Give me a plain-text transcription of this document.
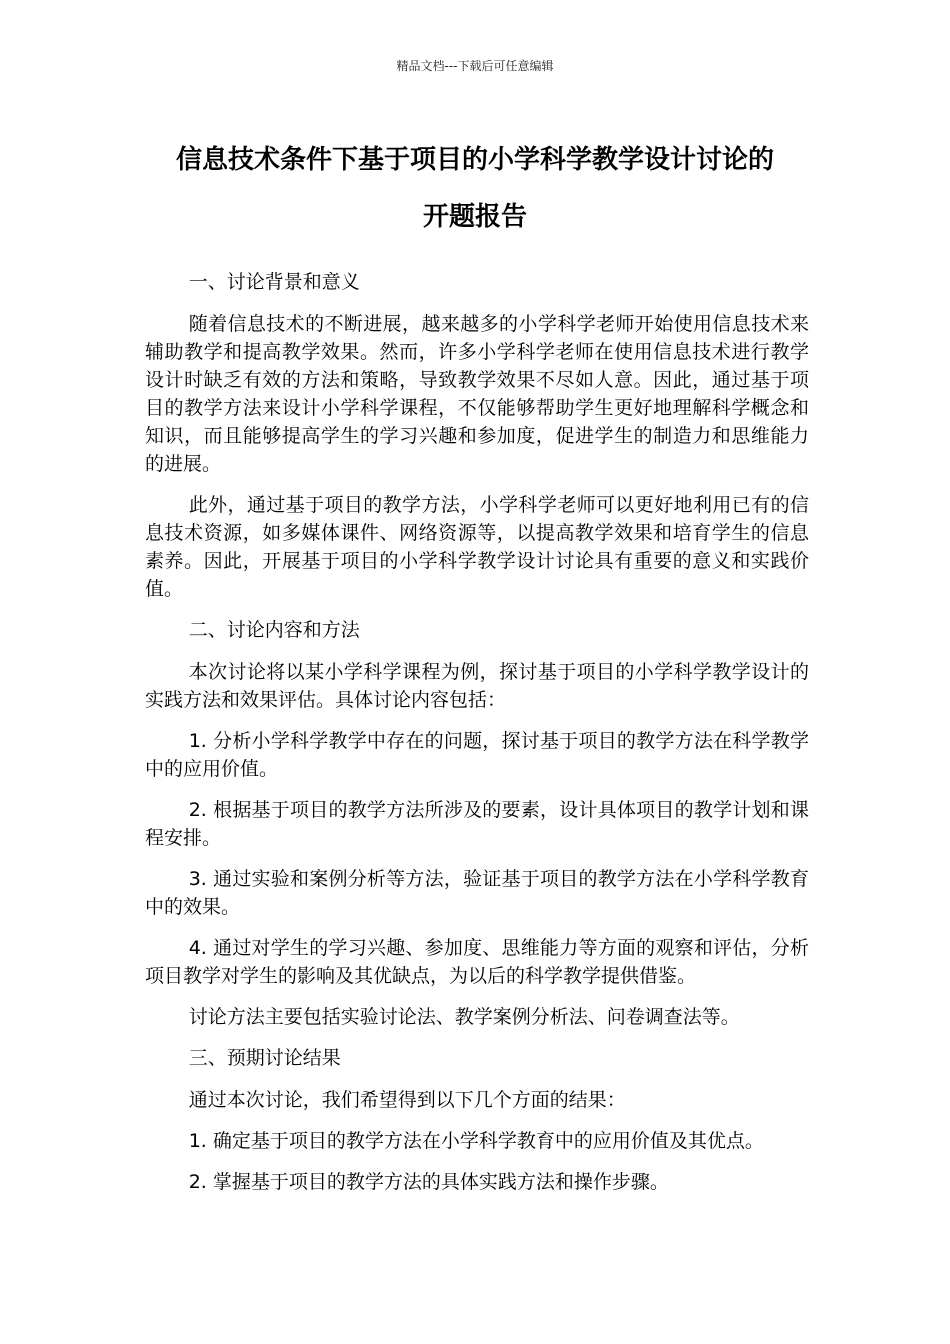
精品文档---下载后可任意编辑
信息技术条件下基于项目的小学科学教学设计讨论的
开题报告

一、讨论背景和意义

随着信息技术的不断进展，越来越多的小学科学老师开始使用信息技术来辅助教学和提高教学效果。然而，许多小学科学老师在使用信息技术进行教学设计时缺乏有效的方法和策略，导致教学效果不尽如人意。因此，通过基于项目的教学方法来设计小学科学课程，不仅能够帮助学生更好地理解科学概念和知识，而且能够提高学生的学习兴趣和参加度，促进学生的制造力和思维能力的进展。

此外，通过基于项目的教学方法，小学科学老师可以更好地利用已有的信息技术资源，如多媒体课件、网络资源等，以提高教学效果和培育学生的信息素养。因此，开展基于项目的小学科学教学设计讨论具有重要的意义和实践价值。

二、讨论内容和方法

本次讨论将以某小学科学课程为例，探讨基于项目的小学科学教学设计的实践方法和效果评估。具体讨论内容包括：

1. 分析小学科学教学中存在的问题，探讨基于项目的教学方法在科学教学中的应用价值。

2. 根据基于项目的教学方法所涉及的要素，设计具体项目的教学计划和课程安排。

3. 通过实验和案例分析等方法，验证基于项目的教学方法在小学科学教育中的效果。

4. 通过对学生的学习兴趣、参加度、思维能力等方面的观察和评估，分析项目教学对学生的影响及其优缺点，为以后的科学教学提供借鉴。

讨论方法主要包括实验讨论法、教学案例分析法、问卷调查法等。

三、预期讨论结果

通过本次讨论，我们希望得到以下几个方面的结果：

1. 确定基于项目的教学方法在小学科学教育中的应用价值及其优点。

2. 掌握基于项目的教学方法的具体实践方法和操作步骤。
